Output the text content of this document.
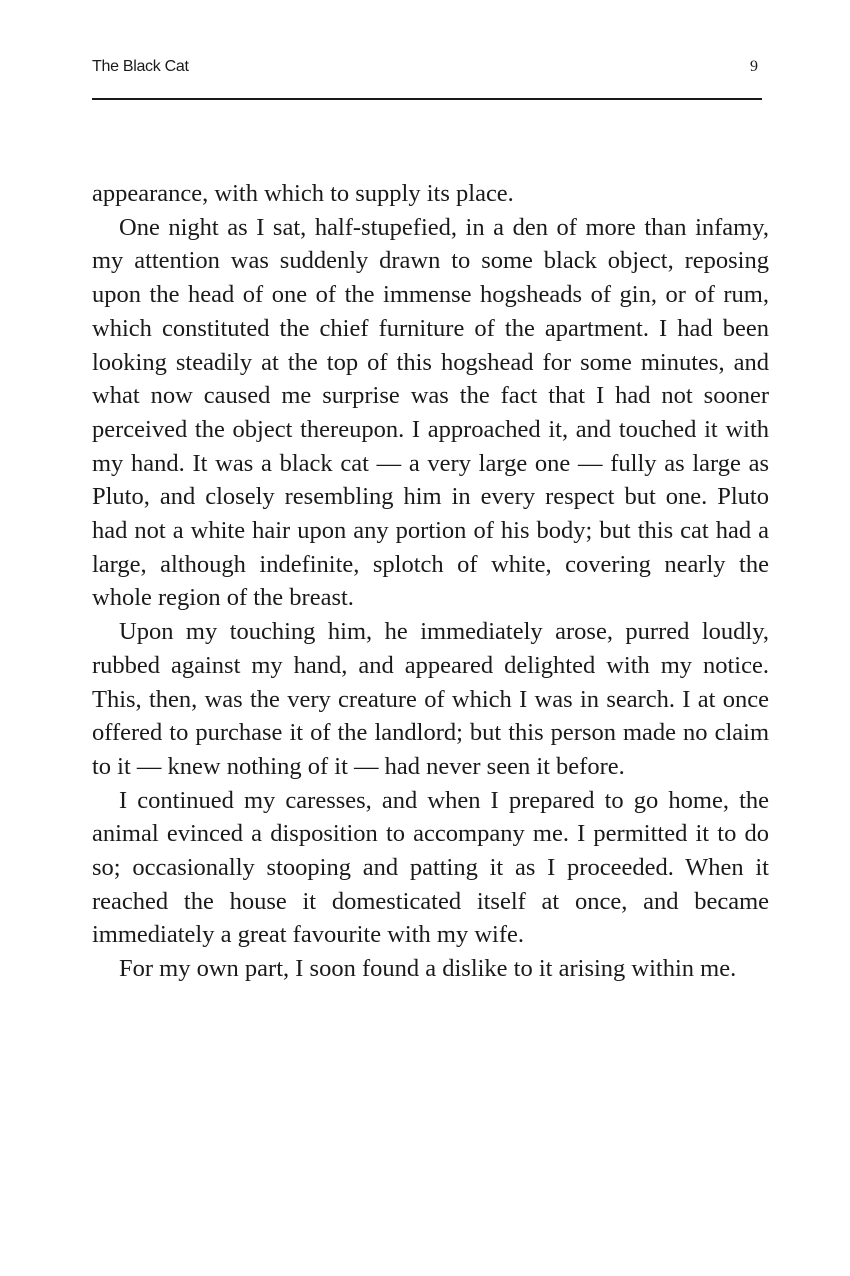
The Black Cat	9

appearance, with which to supply its place.

One night as I sat, half-stupefied, in a den of more than infamy, my attention was suddenly drawn to some black object, reposing upon the head of one of the immense hogsheads of gin, or of rum, which constituted the chief furniture of the apartment. I had been looking steadily at the top of this hogshead for some minutes, and what now caused me surprise was the fact that I had not sooner perceived the object thereupon. I approached it, and touched it with my hand. It was a black cat — a very large one — fully as large as Pluto, and closely resembling him in every respect but one. Pluto had not a white hair upon any portion of his body; but this cat had a large, although indefinite, splotch of white, covering nearly the whole region of the breast.

Upon my touching him, he immediately arose, purred loudly, rubbed against my hand, and appeared delighted with my notice. This, then, was the very creature of which I was in search. I at once offered to purchase it of the landlord; but this person made no claim to it — knew nothing of it — had never seen it before.

I continued my caresses, and when I prepared to go home, the animal evinced a disposition to accompany me. I permitted it to do so; occasionally stooping and patting it as I proceeded. When it reached the house it domesticated itself at once, and became immediately a great favourite with my wife.

For my own part, I soon found a dislike to it arising within me.
